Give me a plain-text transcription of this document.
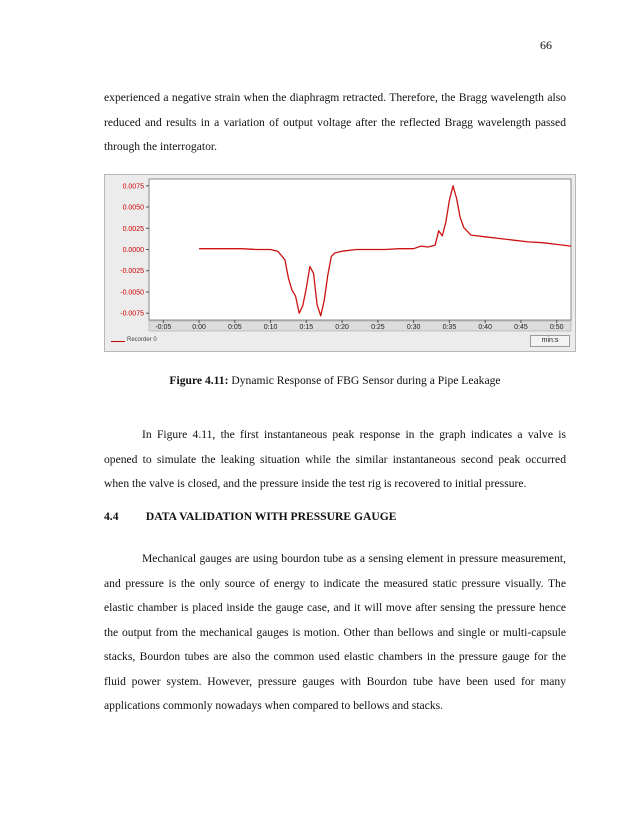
66

experienced a negative strain when the diaphragm retracted. Therefore, the Bragg wavelength also reduced and results in a variation of output voltage after the reflected Bragg wavelength passed through the interrogator.

0.0075
0.0050
0.0025
0.0000
-0.0025
-0.0050
-0.0075
-0:05	0:00	0:05	0:10	0:15	0:20	0:25	0:30	0:35	0:40	0:45	0:50
Recorder 0	min:s
Figure 4.11: Dynamic Response of FBG Sensor during a Pipe Leakage

In Figure 4.11, the first instantaneous peak response in the graph indicates a valve is opened to simulate the leaking situation while the similar instantaneous second peak occurred when the valve is closed, and the pressure inside the test rig is recovered to initial pressure.

4.4 DATA VALIDATION WITH PRESSURE GAUGE

Mechanical gauges are using bourdon tube as a sensing element in pressure measurement, and pressure is the only source of energy to indicate the measured static pressure visually. The elastic chamber is placed inside the gauge case, and it will move after sensing the pressure hence the output from the mechanical gauges is motion. Other than bellows and single or multi-capsule stacks, Bourdon tubes are also the common used elastic chambers in the pressure gauge for the fluid power system. However, pressure gauges with Bourdon tube have been used for many applications commonly nowadays when compared to bellows and stacks.
